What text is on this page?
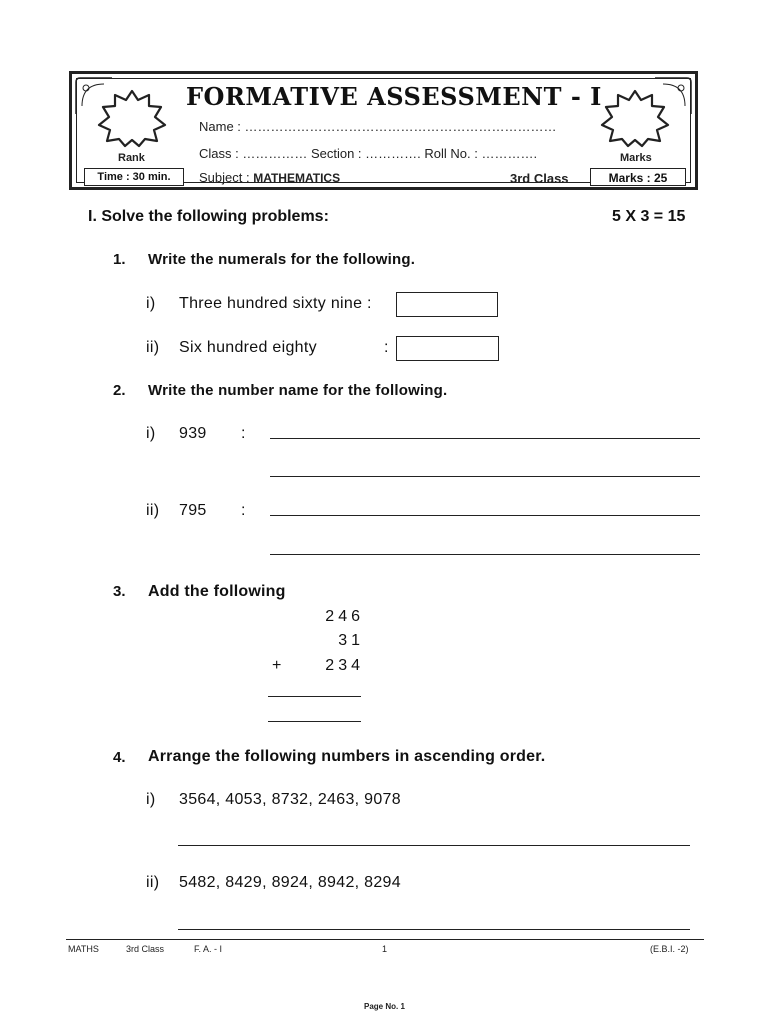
FORMATIVE ASSESSMENT - I
Name : ………………………………………………………………
Class : …………… Section : …………. Roll No. : ………….
Subject : MATHEMATICS	3rd Class
Rank	Marks
Time : 30 min.	Marks : 25
I. Solve the following problems:	5 X 3 = 15
1. Write the numerals for the following.
i) Three hundred sixty nine :
ii) Six hundred eighty	:
2. Write the number name for the following.
i) 939 :
ii) 795 :
3. Add the following
246
31
+	234
4. Arrange the following numbers in ascending order.
i) 3564, 4053, 8732, 2463, 9078
ii) 5482, 8429, 8924, 8942, 8294
MATHS	3rd Class	F. A. - I	1	(E.B.I. -2)
Page No. 1
